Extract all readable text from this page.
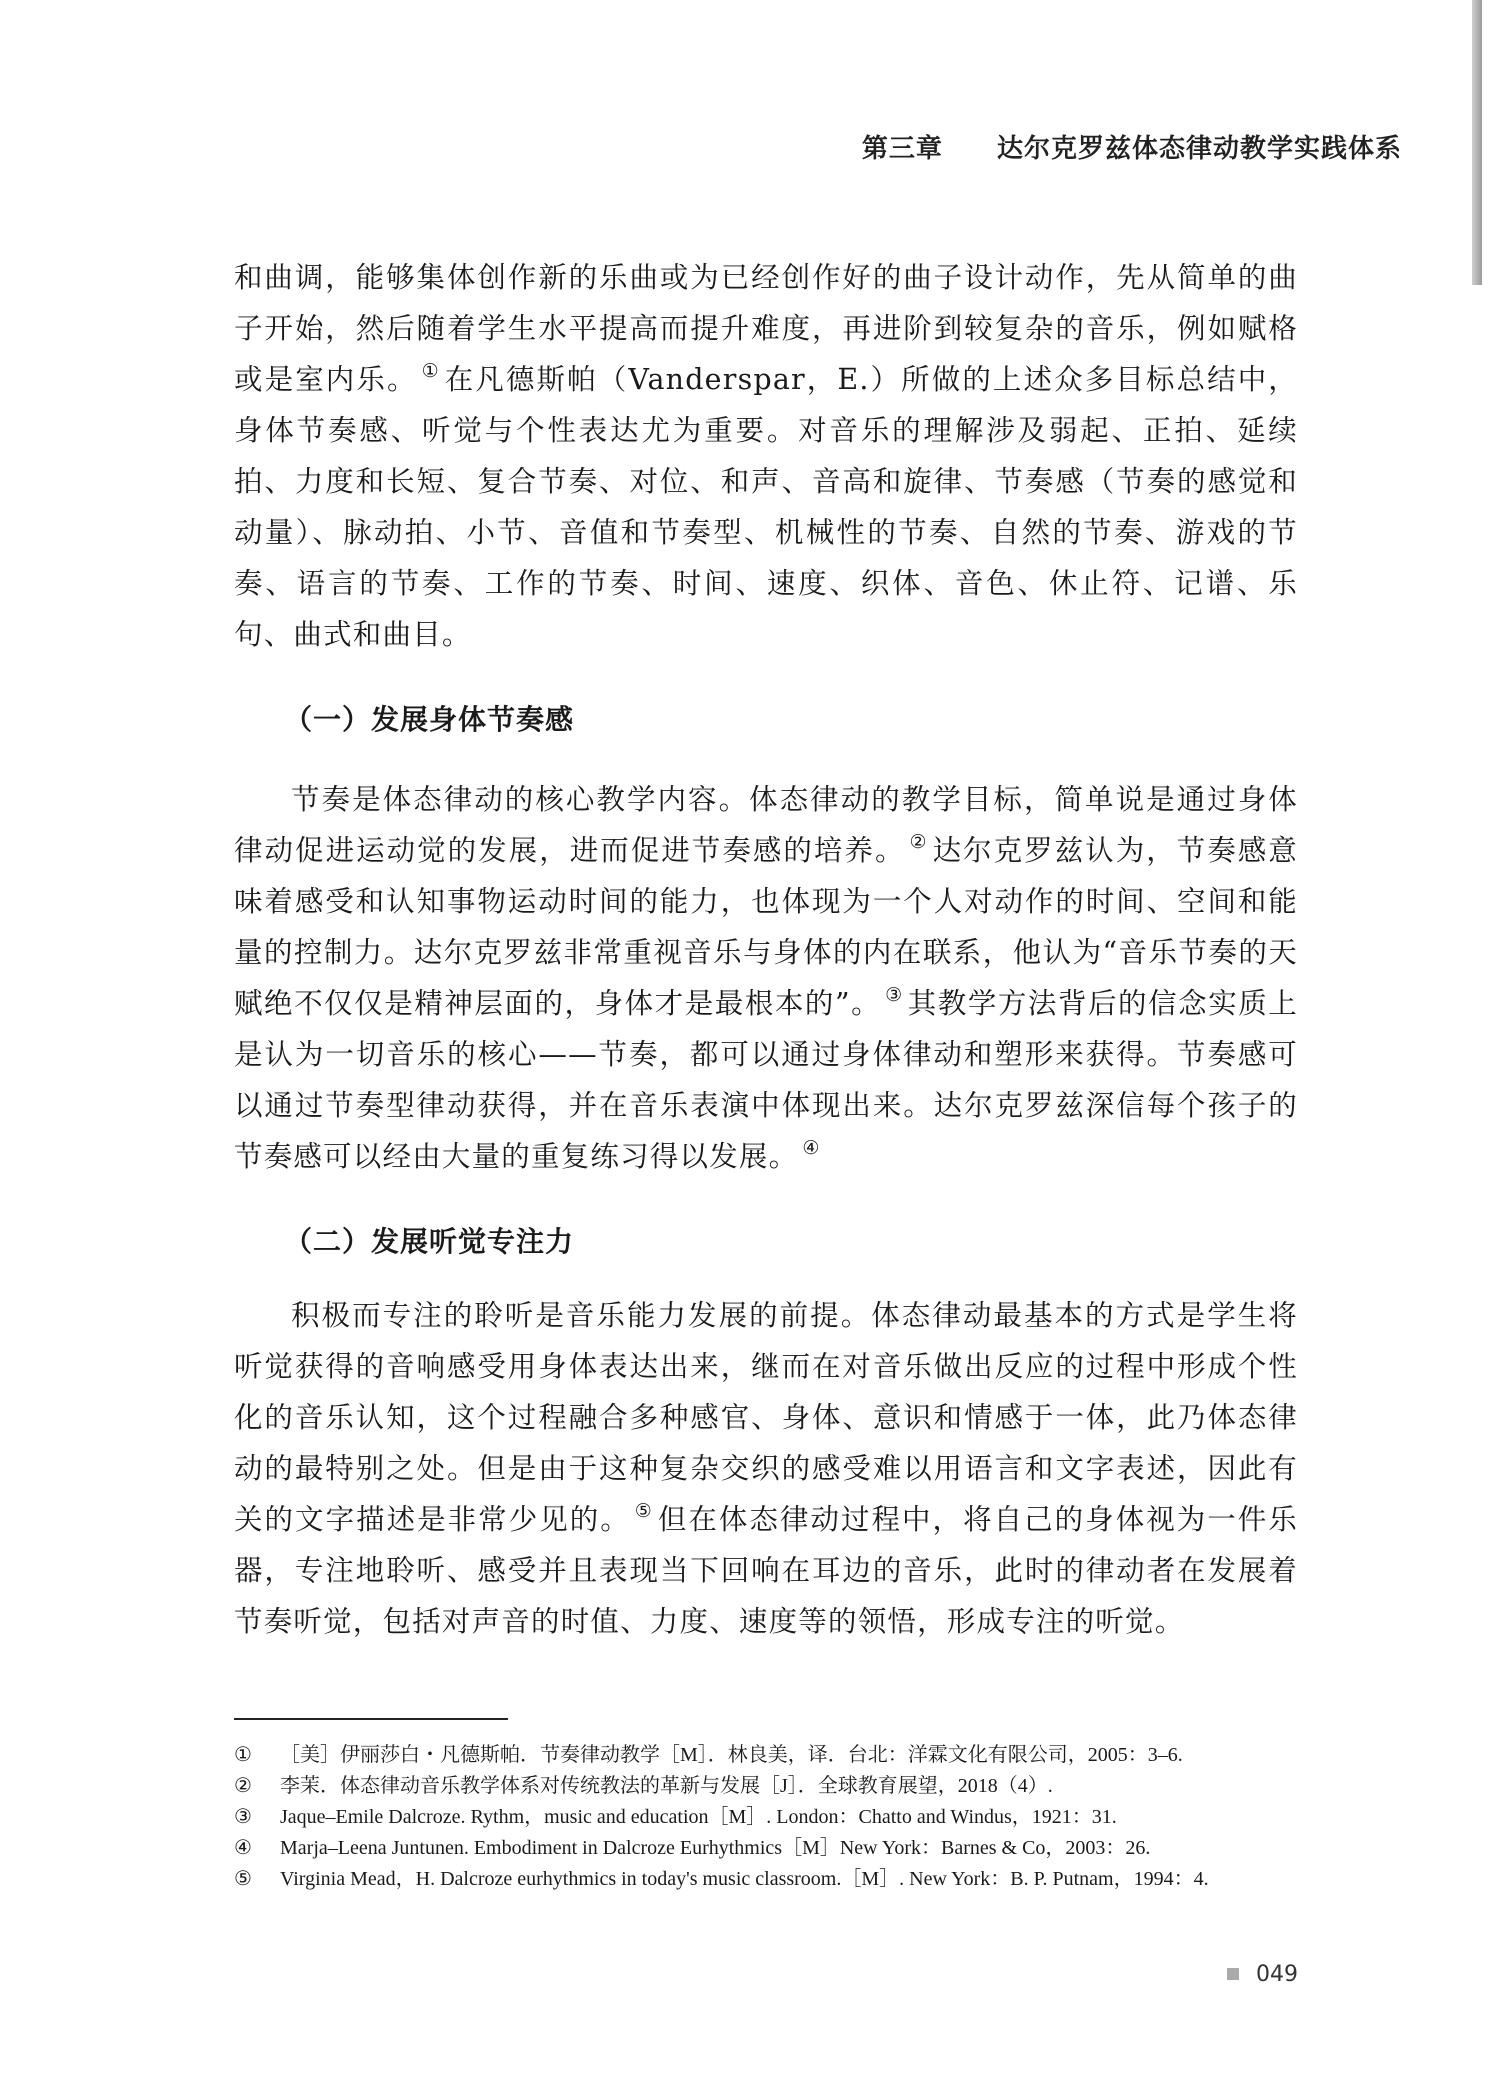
第三章 达尔克罗兹体态律动教学实践体系

和曲调，能够集体创作新的乐曲或为已经创作好的曲子设计动作，先从简单的曲子开始，然后随着学生水平提高而提升难度，再进阶到较复杂的音乐，例如赋格或是室内乐。 ① 在凡德斯帕（Vanderspar，E.）所做的上述众多目标总结中，身体节奏感、听觉与个性表达尤为重要。对音乐的理解涉及弱起、正拍、延续拍、力度和长短、复合节奏、对位、和声、音高和旋律、节奏感（节奏的感觉和动量）、脉动拍、小节、音值和节奏型、机械性的节奏、自然的节奏、游戏的节奏、语言的节奏、工作的节奏、时间、速度、织体、音色、休止符、记谱、乐句、曲式和曲目。

（一）发展身体节奏感

节奏是体态律动的核心教学内容。体态律动的教学目标，简单说是通过身体律动促进运动觉的发展，进而促进节奏感的培养。 ② 达尔克罗兹认为，节奏感意味着感受和认知事物运动时间的能力，也体现为一个人对动作的时间、空间和能量的控制力。达尔克罗兹非常重视音乐与身体的内在联系，他认为“音乐节奏的天赋绝不仅仅是精神层面的，身体才是最根本的”。 ③ 其教学方法背后的信念实质上是认为一切音乐的核心——节奏，都可以通过身体律动和塑形来获得。节奏感可以通过节奏型律动获得，并在音乐表演中体现出来。达尔克罗兹深信每个孩子的节奏感可以经由大量的重复练习得以发展。 ④

（二）发展听觉专注力

积极而专注的聆听是音乐能力发展的前提。体态律动最基本的方式是学生将听觉获得的音响感受用身体表达出来，继而在对音乐做出反应的过程中形成个性化的音乐认知，这个过程融合多种感官、身体、意识和情感于一体，此乃体态律动的最特别之处。但是由于这种复杂交织的感受难以用语言和文字表述，因此有关的文字描述是非常少见的。 ⑤ 但在体态律动过程中，将自己的身体视为一件乐器，专注地聆听、感受并且表现当下回响在耳边的音乐，此时的律动者在发展着节奏听觉，包括对声音的时值、力度、速度等的领悟，形成专注的听觉。

① ［美］伊丽莎白・凡德斯帕．节奏律动教学［M］．林良美，译．台北：洋霖文化有限公司，2005：3–6.

② 李茉．体态律动音乐教学体系对传统教法的革新与发展［J］．全球教育展望，2018（4）.

③ Jaque–Emile Dalcroze. Rythm，music and education［M］. London：Chatto and Windus，1921：31.

④ Marja–Leena Juntunen. Embodiment in Dalcroze Eurhythmics［M］New York：Barnes & Co，2003：26.

⑤ Virginia Mead，H. Dalcroze eurhythmics in today's music classroom.［M］. New York：B. P. Putnam，1994：4.

049
